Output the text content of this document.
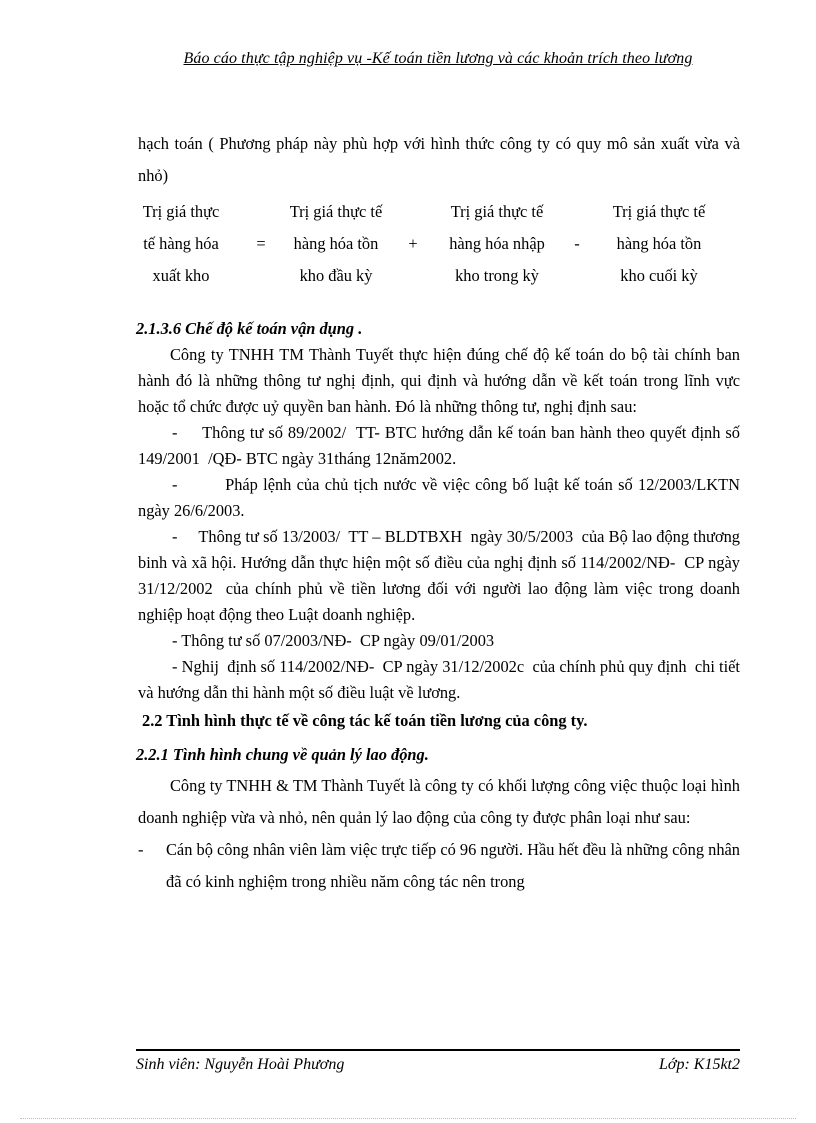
Báo cáo thực tập nghiệp vụ -Kế toán tiền lương và các khoản trích theo lương

hạch toán ( Phương pháp này phù hợp với hình thức công ty có quy mô sản xuất vừa và nhỏ)

Trị giá thực
tế hàng hóa
xuất kho
=
Trị giá thực tế
hàng hóa tồn
kho đầu kỳ
+
Trị giá thực tế
hàng hóa nhập
kho trong kỳ
-
Trị giá thực tế
hàng hóa tồn
kho cuối kỳ

2.1.3.6 Chế độ kế toán vận dụng .

Công ty TNHH TM Thành Tuyết thực hiện đúng chế độ kế toán do bộ tài chính ban hành đó là những thông tư nghị định, qui định và hướng dẫn về kết toán trong lĩnh vực hoặc tổ chức được uỷ quyền ban hành. Đó là những thông tư, nghị định sau:

-     Thông tư số 89/2002/  TT- BTC hướng dẫn kế toán ban hành theo quyết định số 149/2001  /QĐ- BTC ngày 31tháng 12năm2002.

-         Pháp lệnh của chủ tịch nước về việc công bố luật kế toán số 12/2003/LKTN ngày 26/6/2003.

-     Thông tư số 13/2003/  TT – BLDTBXH  ngày 30/5/2003  của Bộ lao động thương binh và xã hội. Hướng dẫn thực hiện một số điều của nghị định số 114/2002/NĐ-  CP ngày 31/12/2002  của chính phủ về tiền lương đối với người lao động làm việc trong doanh nghiệp hoạt động theo Luật doanh nghiệp.

- Thông tư số 07/2003/NĐ-  CP ngày 09/01/2003

- Nghij  định số 114/2002/NĐ-  CP ngày 31/12/2002c  của chính phủ quy định  chi tiết và hướng dẫn thi hành một số điều luật về lương.

2.2 Tình hình thực tế về công tác kế toán tiền lương của công ty.

2.2.1 Tình hình chung về quản lý lao động.

Công ty TNHH & TM Thành Tuyết là công ty có khối lượng công việc thuộc loại hình doanh nghiệp vừa và nhỏ, nên quản lý lao động của công ty được phân loại như sau:

-	Cán bộ công nhân viên làm việc trực tiếp có 96 người. Hầu hết đều là những công nhân đã có kinh nghiệm trong nhiều năm công tác nên trong
Sinh viên: Nguyễn Hoài Phương	Lớp: K15kt2
